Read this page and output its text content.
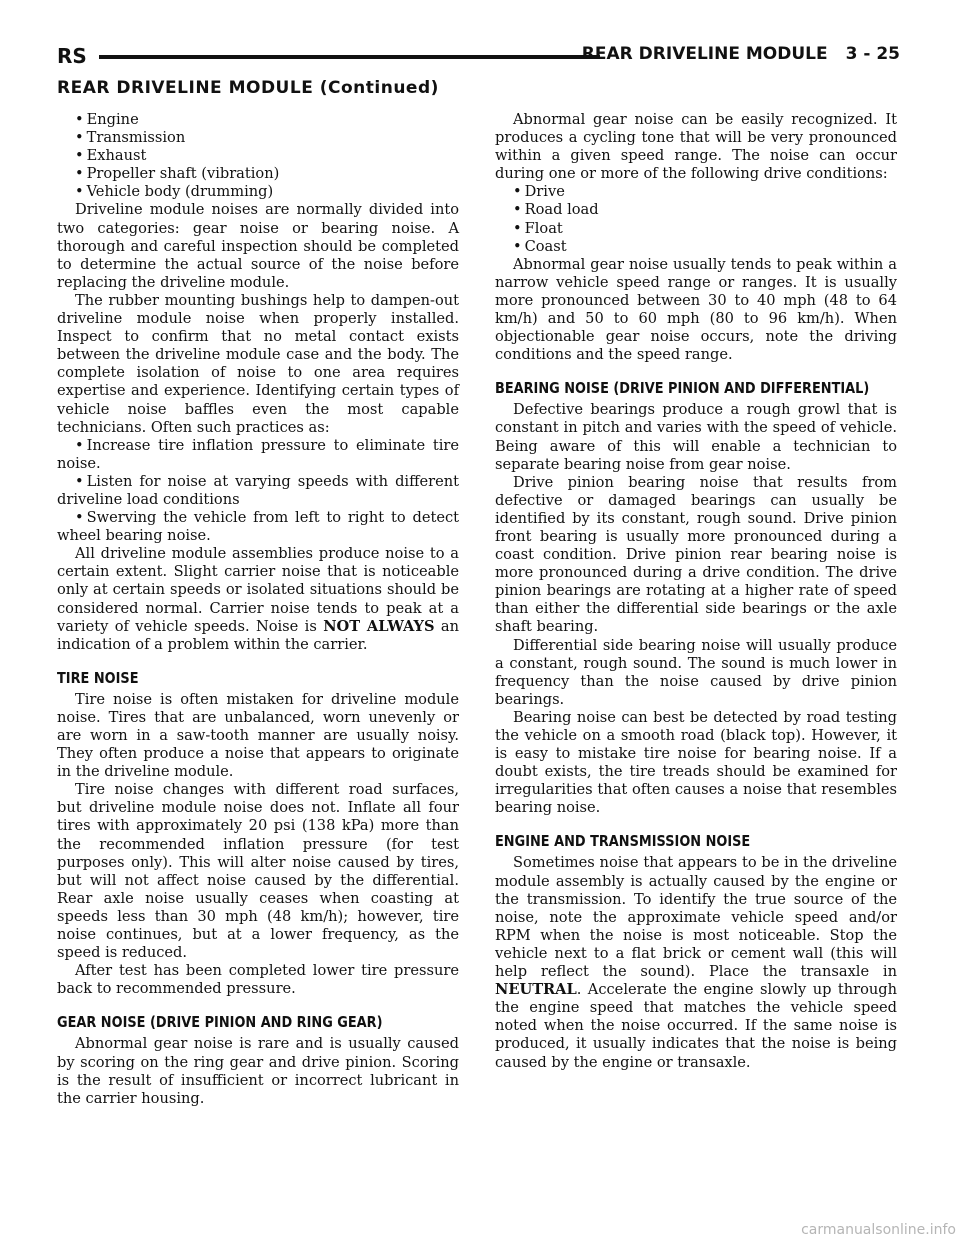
RS	REAR DRIVELINE MODULE 3 - 25
REAR DRIVELINE MODULE (Continued)
• Engine
• Transmission
• Exhaust
• Propeller shaft (vibration)
• Vehicle body (drumming)

Driveline module noises are normally divided into two categories: gear noise or bearing noise. A thorough and careful inspection should be completed to determine the actual source of the noise before replacing the driveline module.

The rubber mounting bushings help to dampen-out driveline module noise when properly installed. Inspect to confirm that no metal contact exists between the driveline module case and the body. The complete isolation of noise to one area requires expertise and experience. Identifying certain types of vehicle noise baffles even the most capable technicians. Often such practices as:

• Increase tire inflation pressure to eliminate tire noise.
• Listen for noise at varying speeds with different driveline load conditions
• Swerving the vehicle from left to right to detect wheel bearing noise.

All driveline module assemblies produce noise to a certain extent. Slight carrier noise that is noticeable only at certain speeds or isolated situations should be considered normal. Carrier noise tends to peak at a variety of vehicle speeds. Noise is NOT ALWAYS an indication of a problem within the carrier.

TIRE NOISE

Tire noise is often mistaken for driveline module noise. Tires that are unbalanced, worn unevenly or are worn in a saw-tooth manner are usually noisy. They often produce a noise that appears to originate in the driveline module.

Tire noise changes with different road surfaces, but driveline module noise does not. Inflate all four tires with approximately 20 psi (138 kPa) more than the recommended inflation pressure (for test purposes only). This will alter noise caused by tires, but will not affect noise caused by the differential. Rear axle noise usually ceases when coasting at speeds less than 30 mph (48 km/h); however, tire noise continues, but at a lower frequency, as the speed is reduced.

After test has been completed lower tire pressure back to recommended pressure.

GEAR NOISE (DRIVE PINION AND RING GEAR)

Abnormal gear noise is rare and is usually caused by scoring on the ring gear and drive pinion. Scoring is the result of insufficient or incorrect lubricant in the carrier housing.

Abnormal gear noise can be easily recognized. It produces a cycling tone that will be very pronounced within a given speed range. The noise can occur during one or more of the following drive conditions:

• Drive
• Road load
• Float
• Coast

Abnormal gear noise usually tends to peak within a narrow vehicle speed range or ranges. It is usually more pronounced between 30 to 40 mph (48 to 64 km/h) and 50 to 60 mph (80 to 96 km/h). When objectionable gear noise occurs, note the driving conditions and the speed range.

BEARING NOISE (DRIVE PINION AND DIFFERENTIAL)

Defective bearings produce a rough growl that is constant in pitch and varies with the speed of vehicle. Being aware of this will enable a technician to separate bearing noise from gear noise.

Drive pinion bearing noise that results from defective or damaged bearings can usually be identified by its constant, rough sound. Drive pinion front bearing is usually more pronounced during a coast condition. Drive pinion rear bearing noise is more pronounced during a drive condition. The drive pinion bearings are rotating at a higher rate of speed than either the differential side bearings or the axle shaft bearing.

Differential side bearing noise will usually produce a constant, rough sound. The sound is much lower in frequency than the noise caused by drive pinion bearings.

Bearing noise can best be detected by road testing the vehicle on a smooth road (black top). However, it is easy to mistake tire noise for bearing noise. If a doubt exists, the tire treads should be examined for irregularities that often causes a noise that resembles bearing noise.

ENGINE AND TRANSMISSION NOISE

Sometimes noise that appears to be in the driveline module assembly is actually caused by the engine or the transmission. To identify the true source of the noise, note the approximate vehicle speed and/or RPM when the noise is most noticeable. Stop the vehicle next to a flat brick or cement wall (this will help reflect the sound). Place the transaxle in NEUTRAL. Accelerate the engine slowly up through the engine speed that matches the vehicle speed noted when the noise occurred. If the same noise is produced, it usually indicates that the noise is being caused by the engine or transaxle.

carmanualsonline.info
